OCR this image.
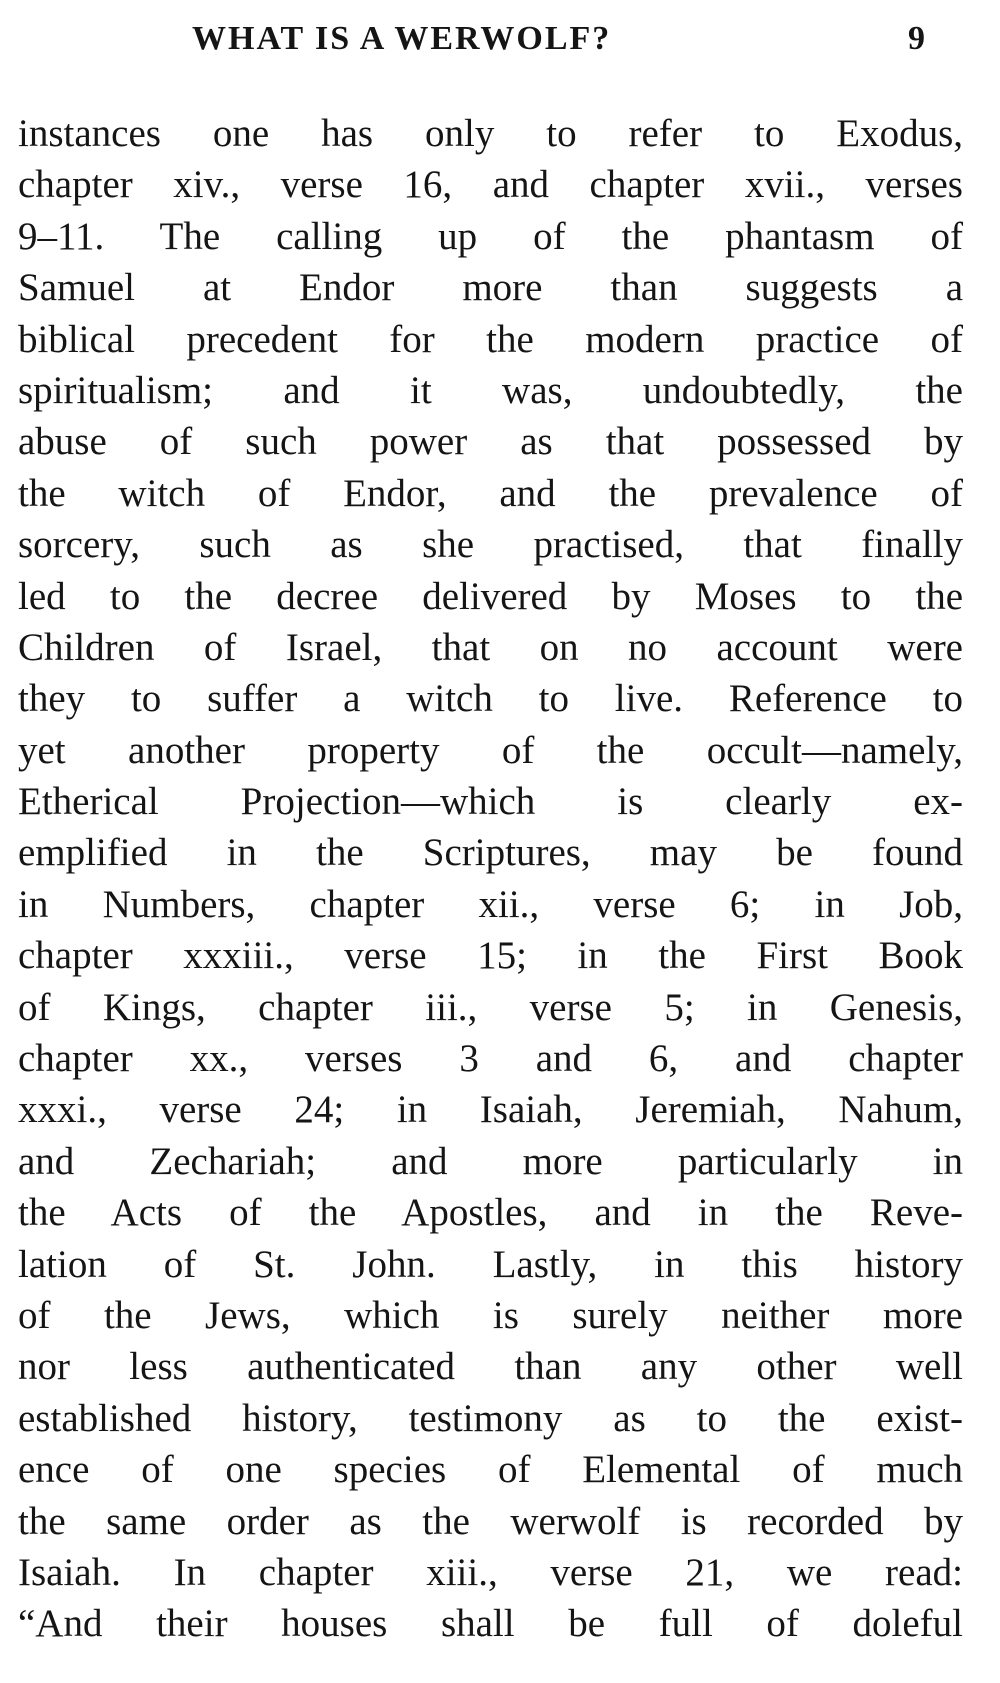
WHAT IS A WERWOLF?	9
instances one has only to refer to Exodus,
chapter xiv., verse 16, and chapter xvii., verses
9–11. The calling up of the phantasm of
Samuel at Endor more than suggests a
biblical precedent for the modern practice of
spiritualism; and it was, undoubtedly, the
abuse of such power as that possessed by
the witch of Endor, and the prevalence of
sorcery, such as she practised, that finally
led to the decree delivered by Moses to the
Children of Israel, that on no account were
they to suffer a witch to live. Reference to
yet another property of the occult—namely,
Etherical Projection—which is clearly ex-
emplified in the Scriptures, may be found
in Numbers, chapter xii., verse 6; in Job,
chapter xxxiii., verse 15; in the First Book
of Kings, chapter iii., verse 5; in Genesis,
chapter xx., verses 3 and 6, and chapter
xxxi., verse 24; in Isaiah, Jeremiah, Nahum,
and Zechariah; and more particularly in
the Acts of the Apostles, and in the Reve-
lation of St. John. Lastly, in this history
of the Jews, which is surely neither more
nor less authenticated than any other well
established history, testimony as to the exist-
ence of one species of Elemental of much
the same order as the werwolf is recorded by
Isaiah. In chapter xiii., verse 21, we read:
“And their houses shall be full of doleful
